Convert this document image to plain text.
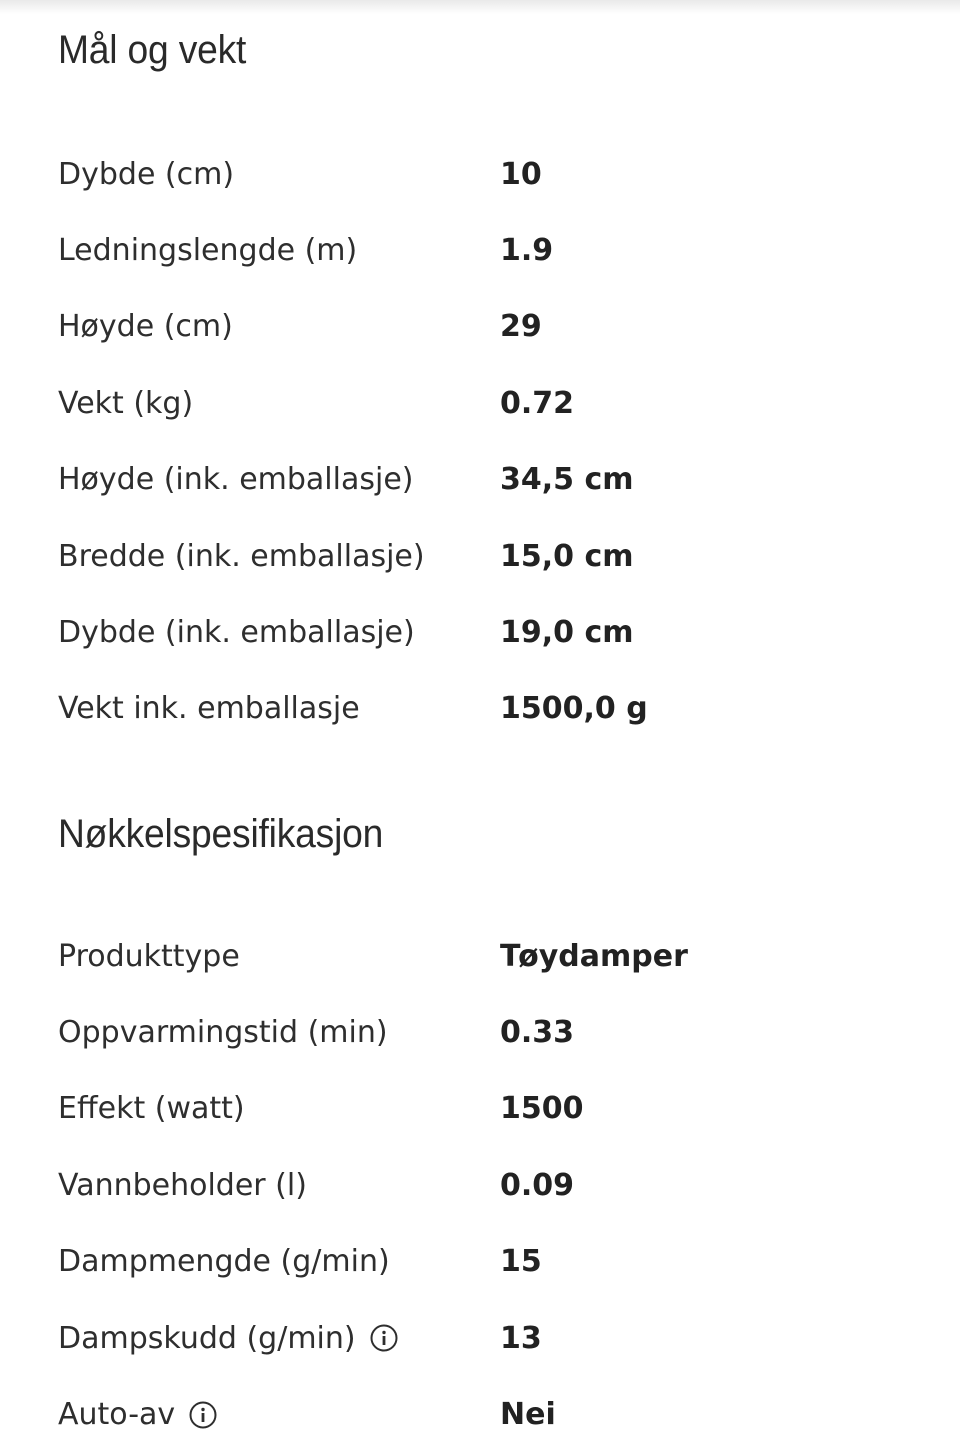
Mål og vekt
Dybde (cm)	10
Ledningslengde (m)	1.9
Høyde (cm)	29
Vekt (kg)	0.72
Høyde (ink. emballasje)	34,5 cm
Bredde (ink. emballasje)	15,0 cm
Dybde (ink. emballasje)	19,0 cm
Vekt ink. emballasje	1500,0 g
Nøkkelspesifikasjon
Produkttype	Tøydamper
Oppvarmingstid (min)	0.33
Effekt (watt)	1500
Vannbeholder (l)	0.09
Dampmengde (g/min)	15
Dampskudd (g/min)	13
Auto-av	Nei
